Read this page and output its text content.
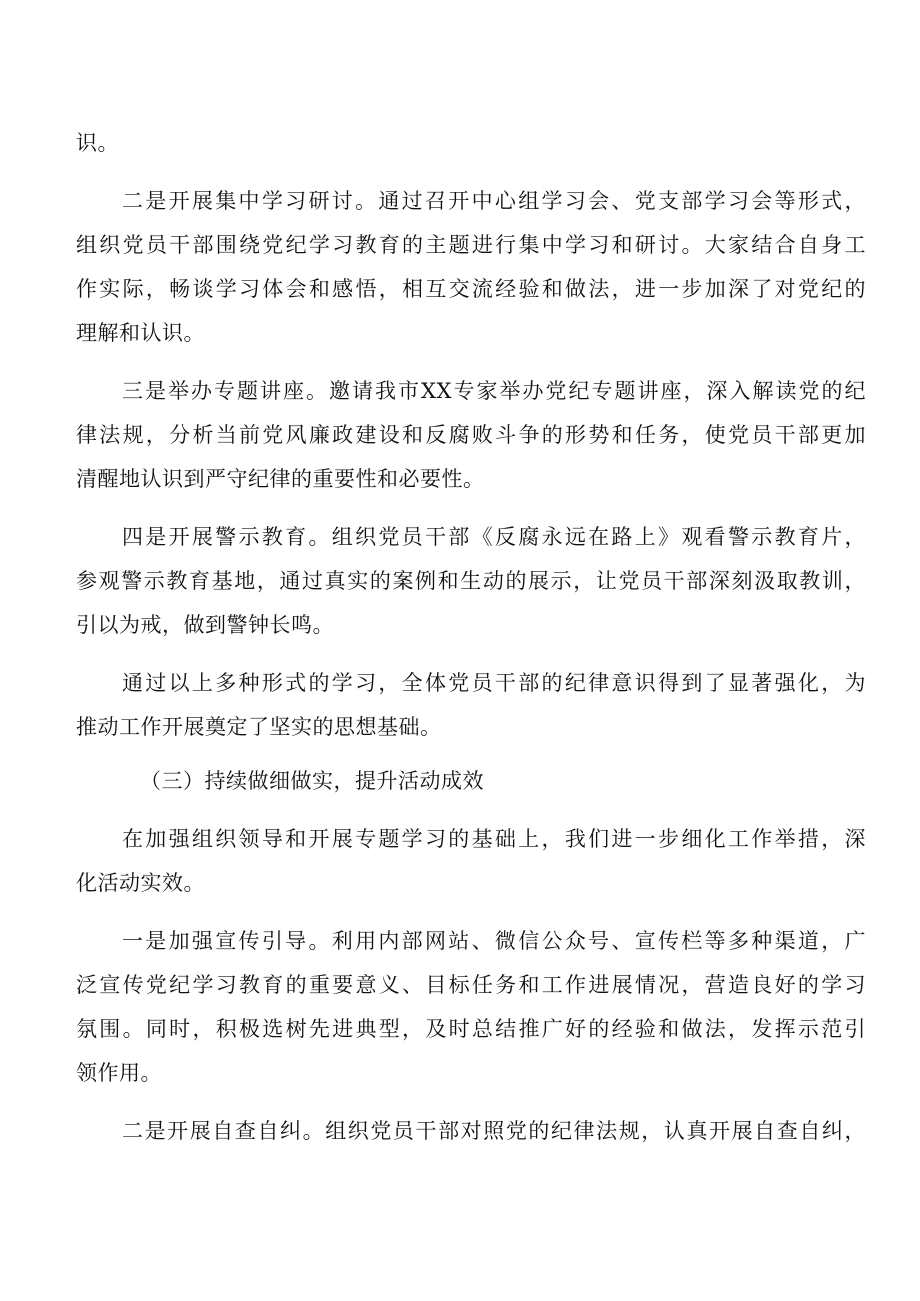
识。
二是开展集中学习研讨。通过召开中心组学习会、党支部学习会等形式，
组织党员干部围绕党纪学习教育的主题进行集中学习和研讨。大家结合自身工
作实际，畅谈学习体会和感悟，相互交流经验和做法，进一步加深了对党纪的
理解和认识。
三是举办专题讲座。邀请我市XX专家举办党纪专题讲座，深入解读党的纪
律法规，分析当前党风廉政建设和反腐败斗争的形势和任务，使党员干部更加
清醒地认识到严守纪律的重要性和必要性。
四是开展警示教育。组织党员干部《反腐永远在路上》观看警示教育片，
参观警示教育基地，通过真实的案例和生动的展示，让党员干部深刻汲取教训，
引以为戒，做到警钟长鸣。
通过以上多种形式的学习，全体党员干部的纪律意识得到了显著强化，为
推动工作开展奠定了坚实的思想基础。
（三）持续做细做实，提升活动成效
在加强组织领导和开展专题学习的基础上，我们进一步细化工作举措，深
化活动实效。
一是加强宣传引导。利用内部网站、微信公众号、宣传栏等多种渠道，广
泛宣传党纪学习教育的重要意义、目标任务和工作进展情况，营造良好的学习
氛围。同时，积极选树先进典型，及时总结推广好的经验和做法，发挥示范引
领作用。
二是开展自查自纠。组织党员干部对照党的纪律法规，认真开展自查自纠，
